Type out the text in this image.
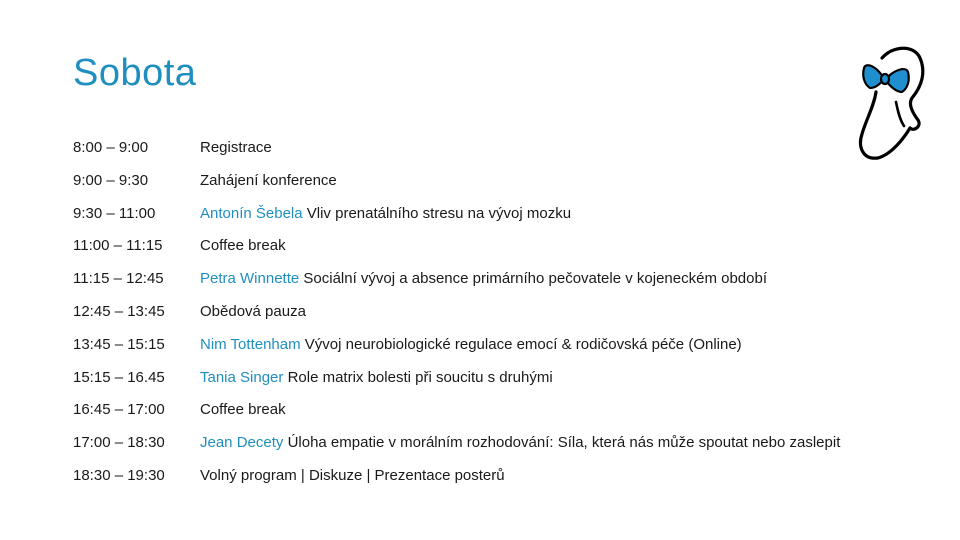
Sobota
8:00 – 9:00	Registrace
9:00 – 9:30	Zahájení konference
9:30 – 11:00	Antonín Šebela Vliv prenatálního stresu na vývoj mozku
11:00 – 11:15	Coffee break
11:15 – 12:45	Petra Winnette Sociální vývoj a absence primárního pečovatele v kojeneckém období
12:45 – 13:45	Obědová pauza
13:45 – 15:15	Nim Tottenham Vývoj neurobiologické regulace emocí & rodičovská péče (Online)
15:15 – 16.45	Tania Singer Role matrix bolesti při soucitu s druhými
16:45 – 17:00	Coffee break
17:00 – 18:30	Jean Decety Úloha empatie v morálním rozhodování: Síla, která nás může spoutat nebo zaslepit
18:30 – 19:30	Volný program | Diskuze | Prezentace posterů
